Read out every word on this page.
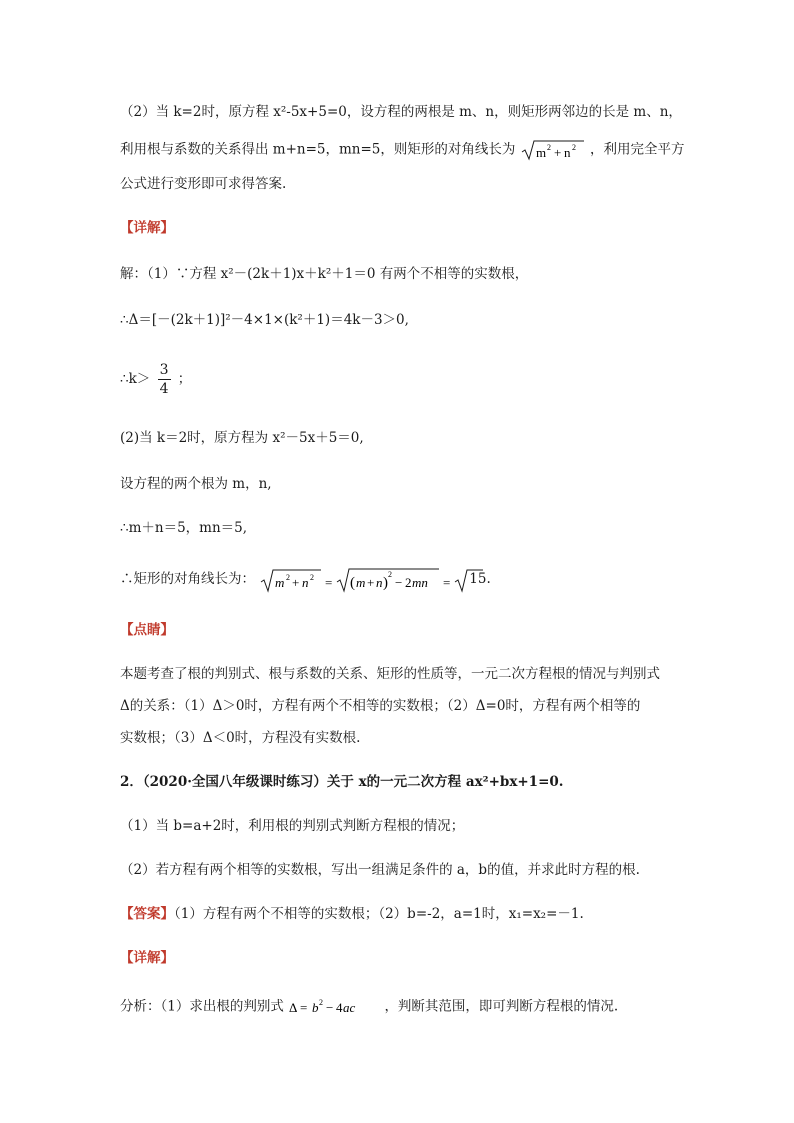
（2）当 k=2时，原方程 x²-5x+5=0，设方程的两根是 m、n，则矩形两邻边的长是 m、n，
利用根与系数的关系得出 m+n=5，mn=5，则矩形的对角线长为 m 2 + n 2 ，利用完全平方
公式进行变形即可求得答案.
【详解】
解：（1）∵方程 x²－(2k＋1)x＋k²＋1＝0 有两个不相等的实数根，
∴Δ＝[－(2k＋1)]²－4×1×(k²＋1)＝4k－3＞0,
∴k＞ $\frac{3}{4}$ ；
(2)当 k＝2时，原方程为 x²－5x＋5＝0,
设方程的两个根为 m，n,
∴m＋n＝5，mn＝5,
∴矩形的对角线长为： m 2 + n 2 = ( m + n )
2
− 2 mn = 15.
【点睛】
本题考查了根的判别式、根与系数的关系、矩形的性质等，一元二次方程根的情况与判别式
Δ的关系：（1）Δ＞0时，方程有两个不相等的实数根；（2）Δ=0时，方程有两个相等的
实数根；（3）Δ＜0时，方程没有实数根.
2．（2020·全国八年级课时练习）关于 x的一元二次方程 ax²+bx+1=0.
（1）当 b=a+2时，利用根的判别式判断方程根的情况；
（2）若方程有两个相等的实数根，写出一组满足条件的 a，b的值，并求此时方程的根.
【答案】（1）方程有两个不相等的实数根；（2）b=-2，a=1时，x₁=x₂=－1.
【详解】
分析：（1）求出根的判别式 Δ = b 2 − 4 ac ，判断其范围，即可判断方程根的情况.
